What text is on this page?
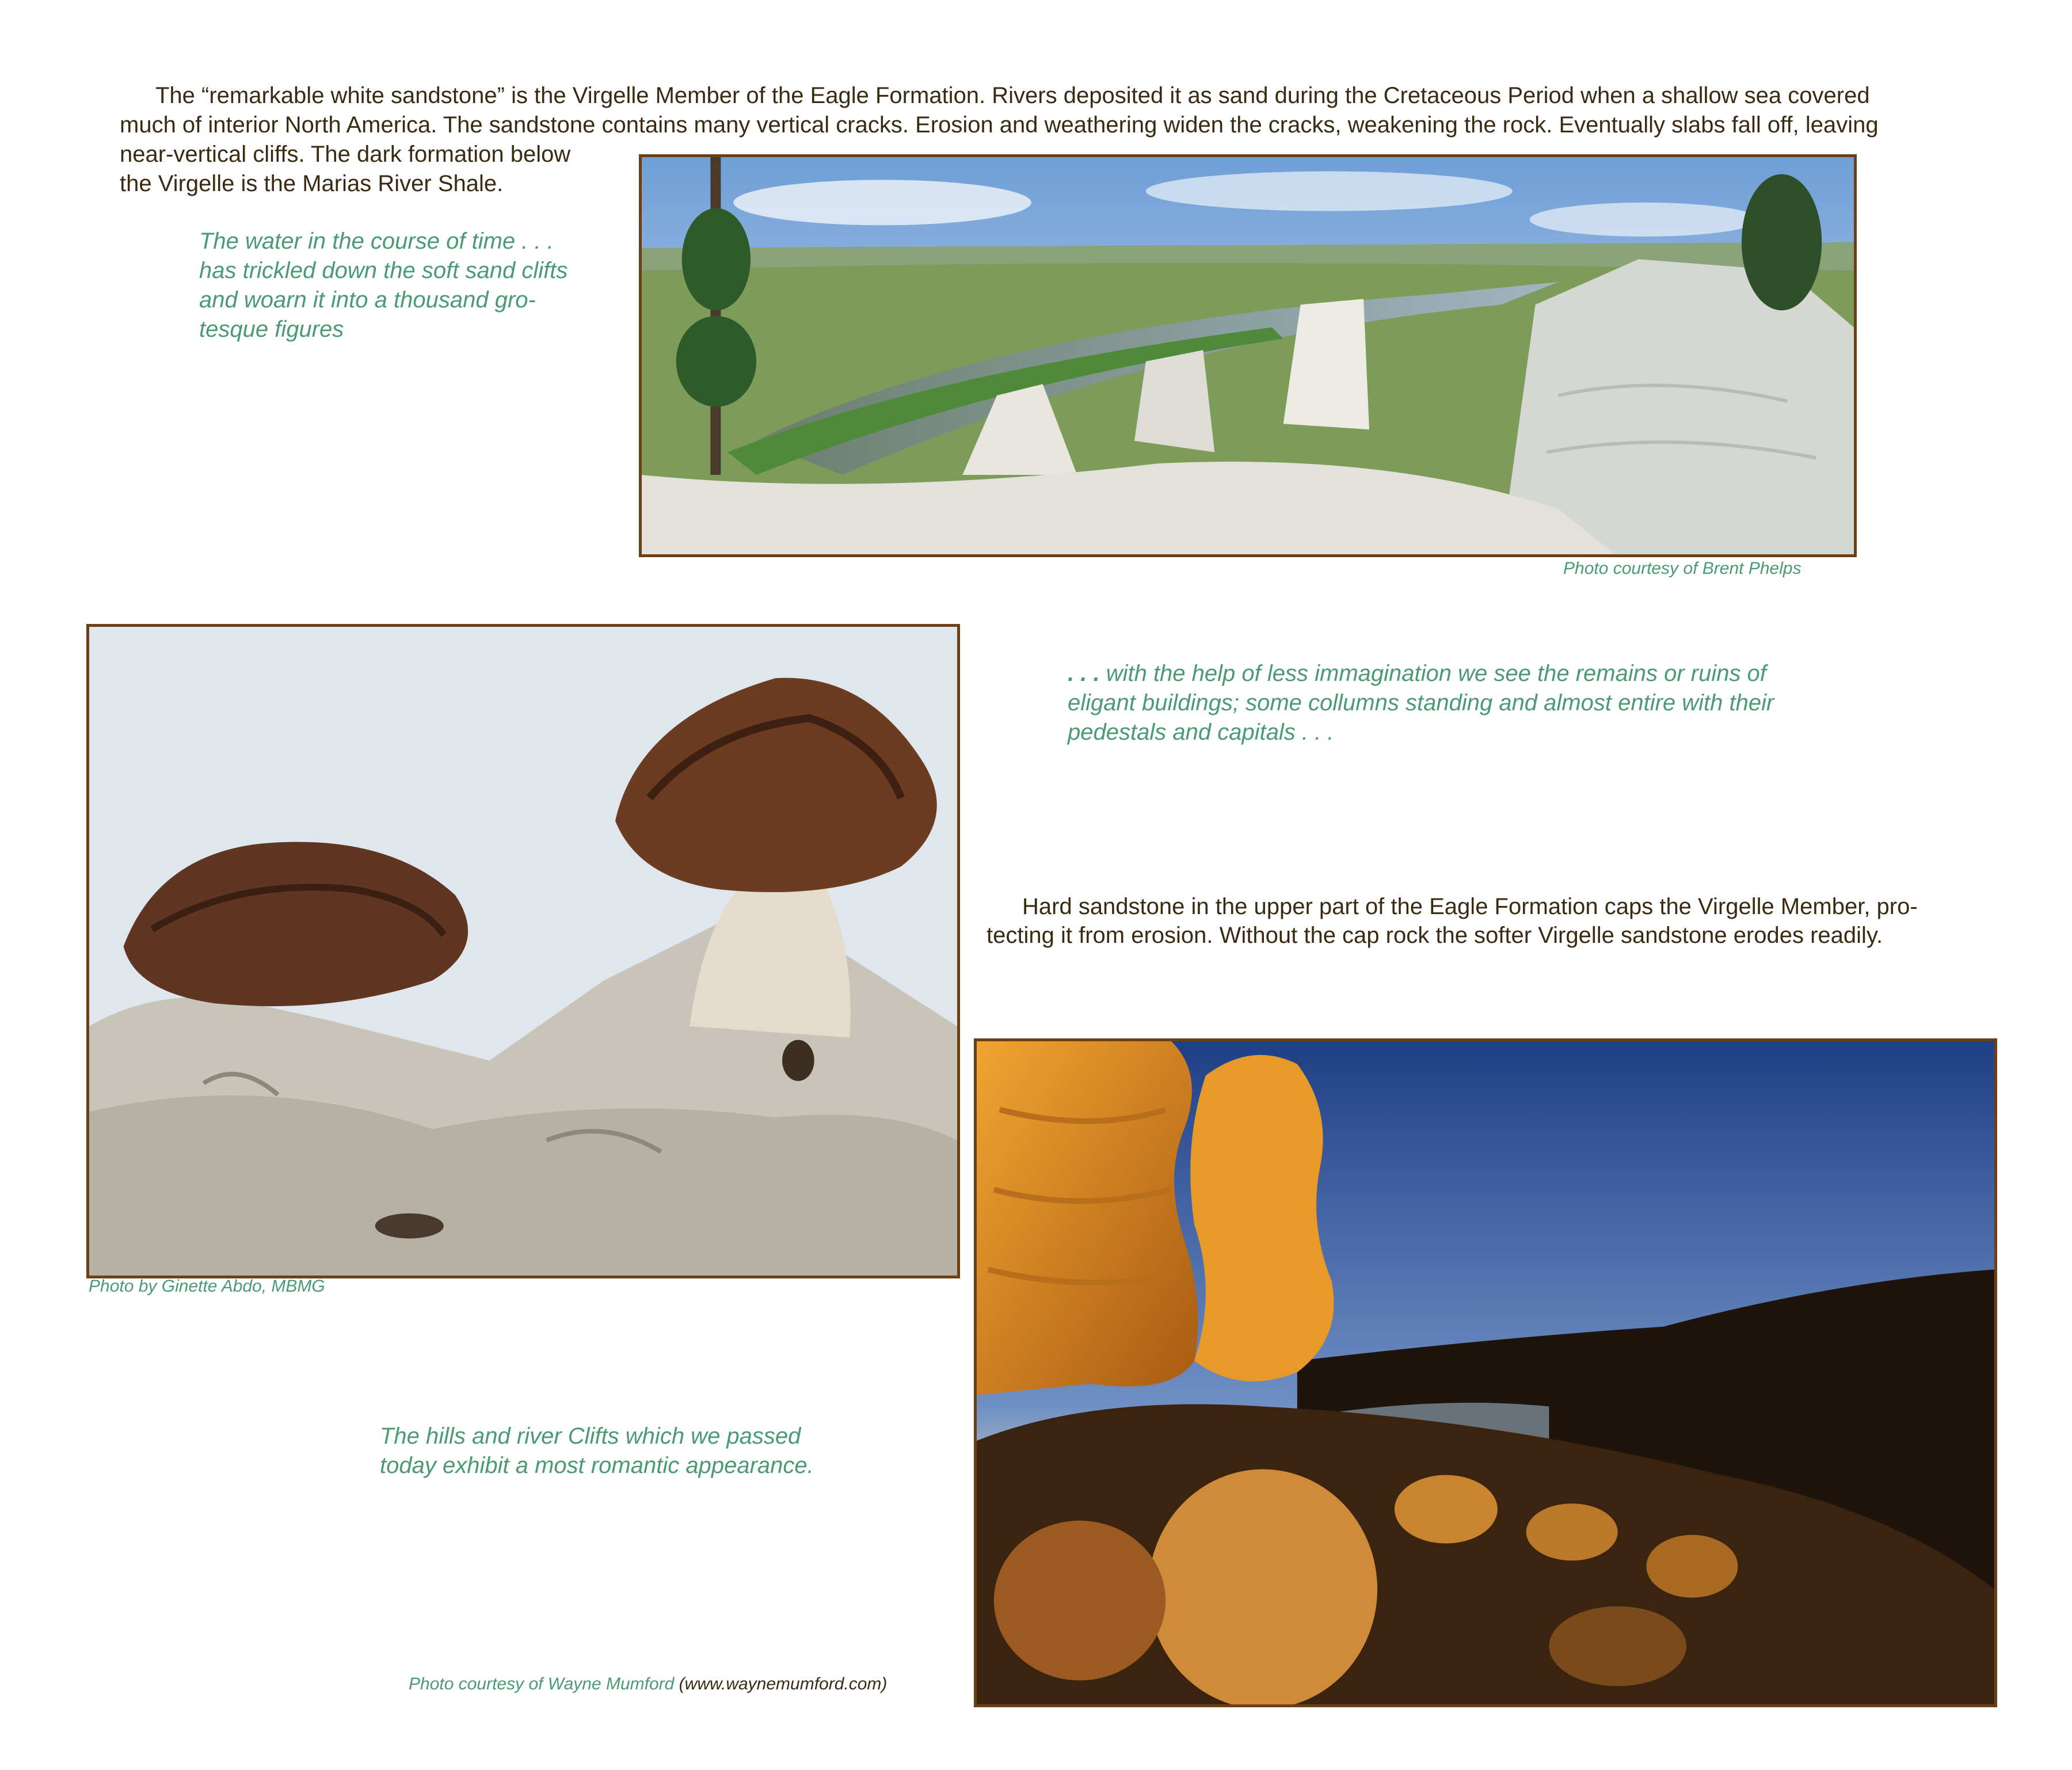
The “remarkable white sandstone” is the Virgelle Member of the Eagle Formation. Rivers deposited it as sand during the Cretaceous Period when a shallow sea covered

much of interior North America. The sandstone contains many vertical cracks. Erosion and weathering widen the cracks, weakening the rock. Eventually slabs fall off, leaving

near-vertical cliffs. The dark formation below

the Virgelle is the Marias River Shale.

The water in the course of time . . .

has trickled down the soft sand clifts

and woarn it into a thousand gro-

tesque figures

Photo courtesy of Brent Phelps

Photo by Ginette Abdo, MBMG

. . . with the help of less immagination we see the remains or ruins of

eligant buildings; some collumns standing and almost entire with their

pedestals and capitals . . .

Hard sandstone in the upper part of the Eagle Formation caps the Virgelle Member, pro-

tecting it from erosion. Without the cap rock the softer Virgelle sandstone erodes readily.

The hills and river Clifts which we passed

today exhibit a most romantic appearance.

Photo courtesy of Wayne Mumford (www.waynemumford.com)
